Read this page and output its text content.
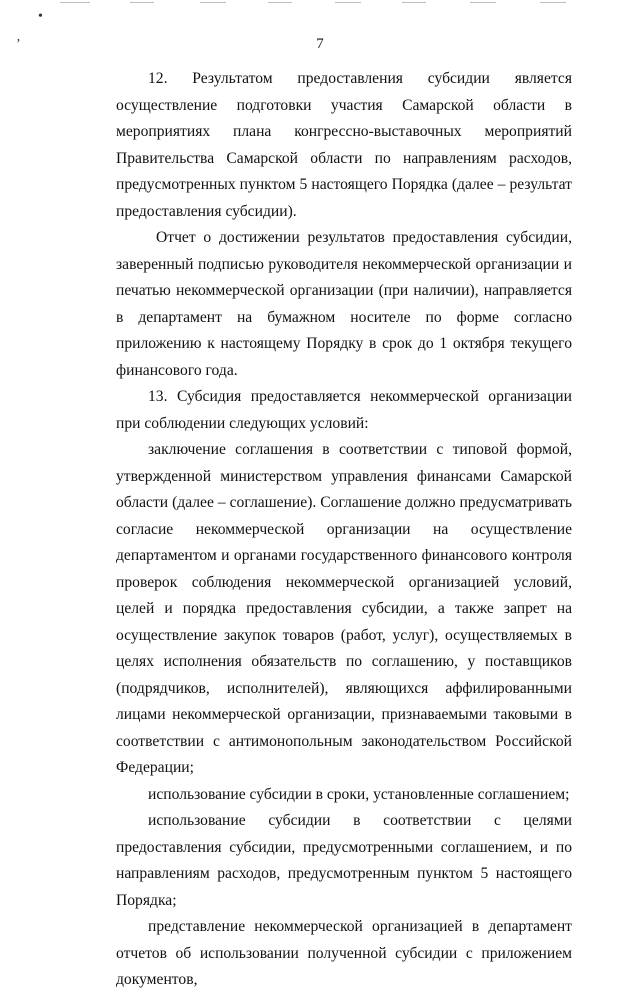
•
ʼ	7

12. Результатом предоставления субсидии является осуществление подготовки участия Самарской области в мероприятиях плана конгрессно-выставочных мероприятий Правительства Самарской области по направлениям расходов, предусмотренных пунктом 5 настоящего Порядка (далее – результат предоставления субсидии).

Отчет о достижении результатов предоставления субсидии, заверенный подписью руководителя некоммерческой организации и печатью некоммерческой организации (при наличии), направляется в департамент на бумажном носителе по форме согласно приложению к настоящему Порядку в срок до 1 октября текущего финансового года.

13. Субсидия предоставляется некоммерческой организации при соблюдении следующих условий:

заключение соглашения в соответствии с типовой формой, утвержденной министерством управления финансами Самарской области (далее – соглашение). Соглашение должно предусматривать согласие некоммерческой организации на осуществление департаментом и органами государственного финансового контроля проверок соблюдения некоммерческой организацией условий, целей и порядка предоставления субсидии, а также запрет на осуществление закупок товаров (работ, услуг), осуществляемых в целях исполнения обязательств по соглашению, у поставщиков (подрядчиков, исполнителей), являющихся аффилированными лицами некоммерческой организации, признаваемыми таковыми в соответствии с антимонопольным законодательством Российской Федерации;

использование субсидии в сроки, установленные соглашением;

использование субсидии в соответствии с целями предоставления субсидии, предусмотренными соглашением, и по направлениям расходов, предусмотренным пунктом 5 настоящего Порядка;

представление некоммерческой организацией в департамент отчетов об использовании полученной субсидии с приложением документов,
